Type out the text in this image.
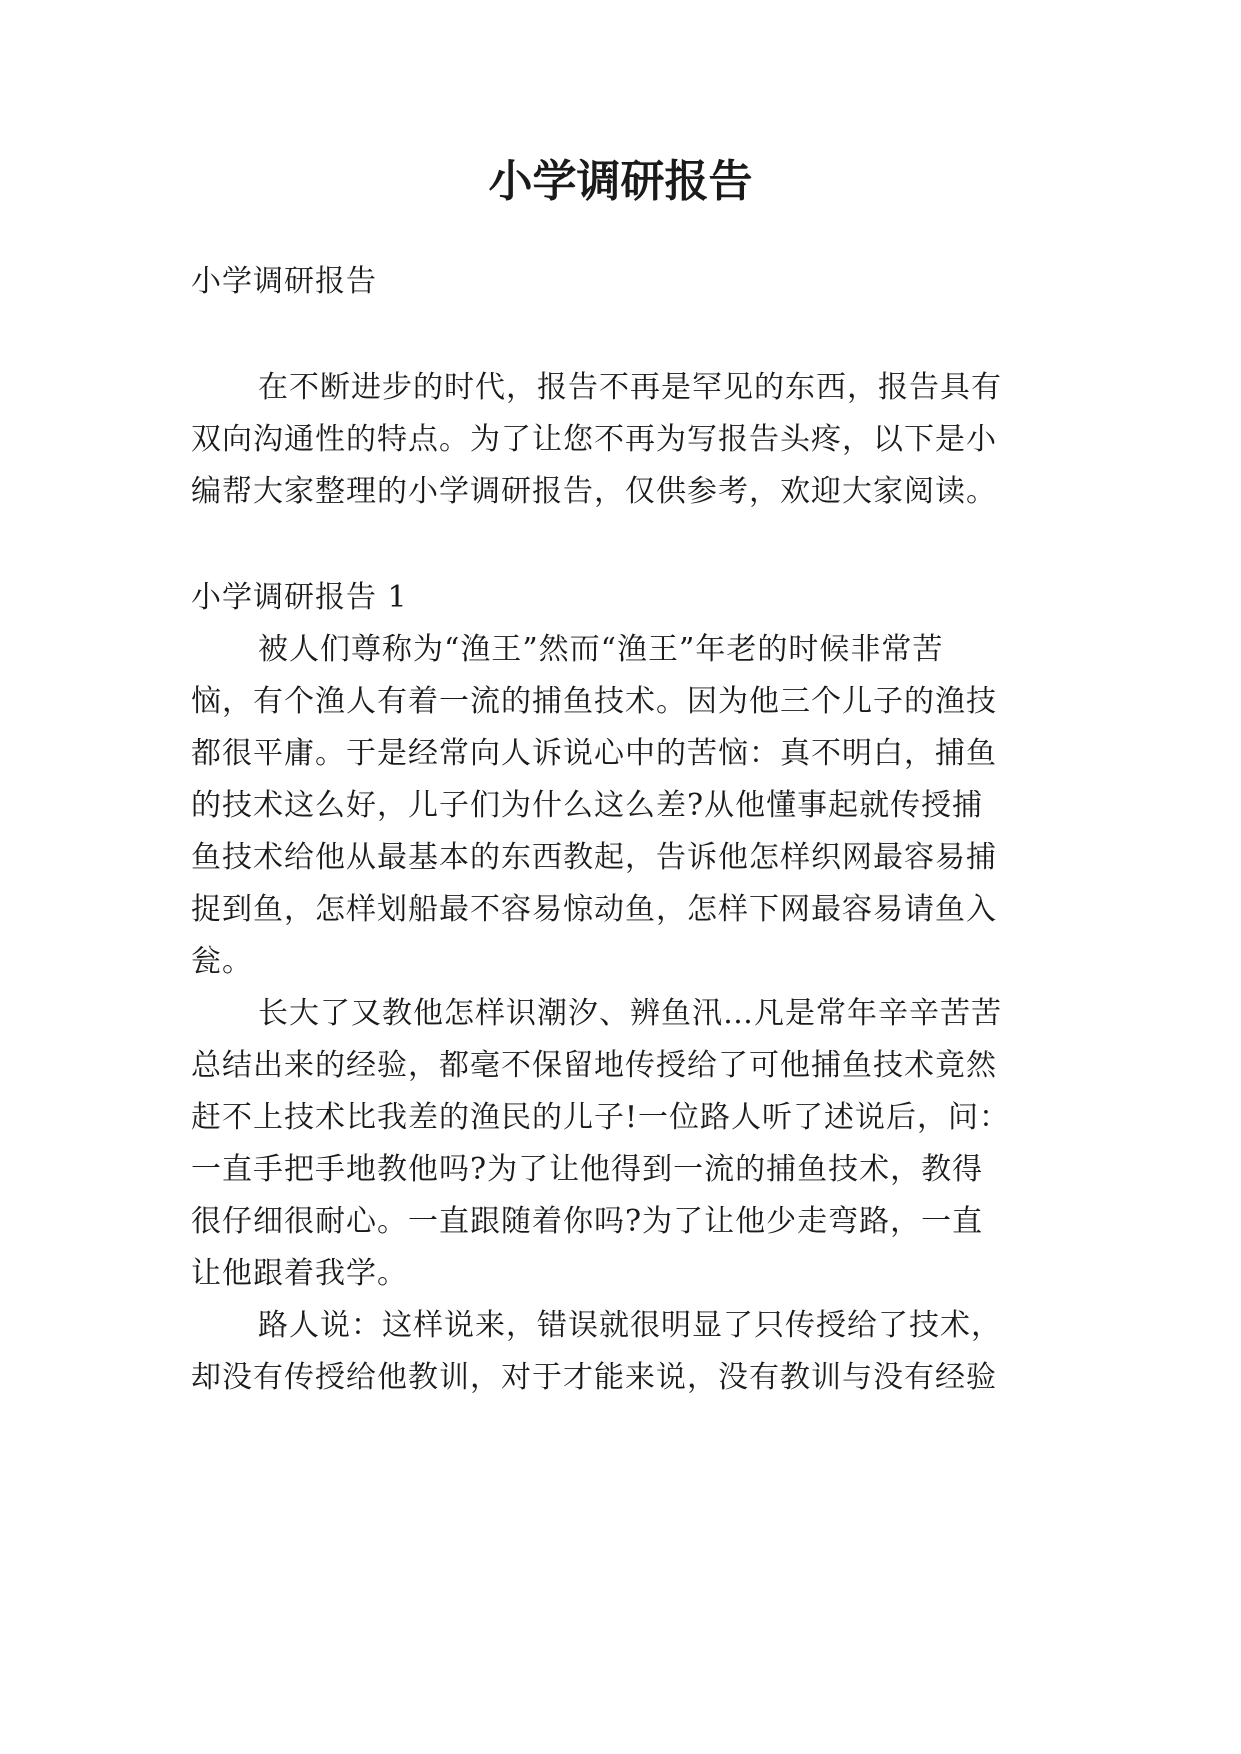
小学调研报告

小学调研报告

在不断进步的时代，报告不再是罕见的东西，报告具有

双向沟通性的特点。为了让您不再为写报告头疼，以下是小

编帮大家整理的小学调研报告，仅供参考，欢迎大家阅读。

小学调研报告 1

被人们尊称为“渔王”然而“渔王”年老的时候非常苦

恼，有个渔人有着一流的捕鱼技术。因为他三个儿子的渔技

都很平庸。于是经常向人诉说心中的苦恼：真不明白，捕鱼

的技术这么好，儿子们为什么这么差?从他懂事起就传授捕

鱼技术给他从最基本的东西教起，告诉他怎样织网最容易捕

捉到鱼，怎样划船最不容易惊动鱼，怎样下网最容易请鱼入

瓮。

长大了又教他怎样识潮汐、辨鱼汛…凡是常年辛辛苦苦

总结出来的经验，都毫不保留地传授给了可他捕鱼技术竟然

赶不上技术比我差的渔民的儿子!一位路人听了述说后，问：

一直手把手地教他吗?为了让他得到一流的捕鱼技术，教得

很仔细很耐心。一直跟随着你吗?为了让他少走弯路，一直

让他跟着我学。

路人说：这样说来，错误就很明显了只传授给了技术，

却没有传授给他教训，对于才能来说，没有教训与没有经验
